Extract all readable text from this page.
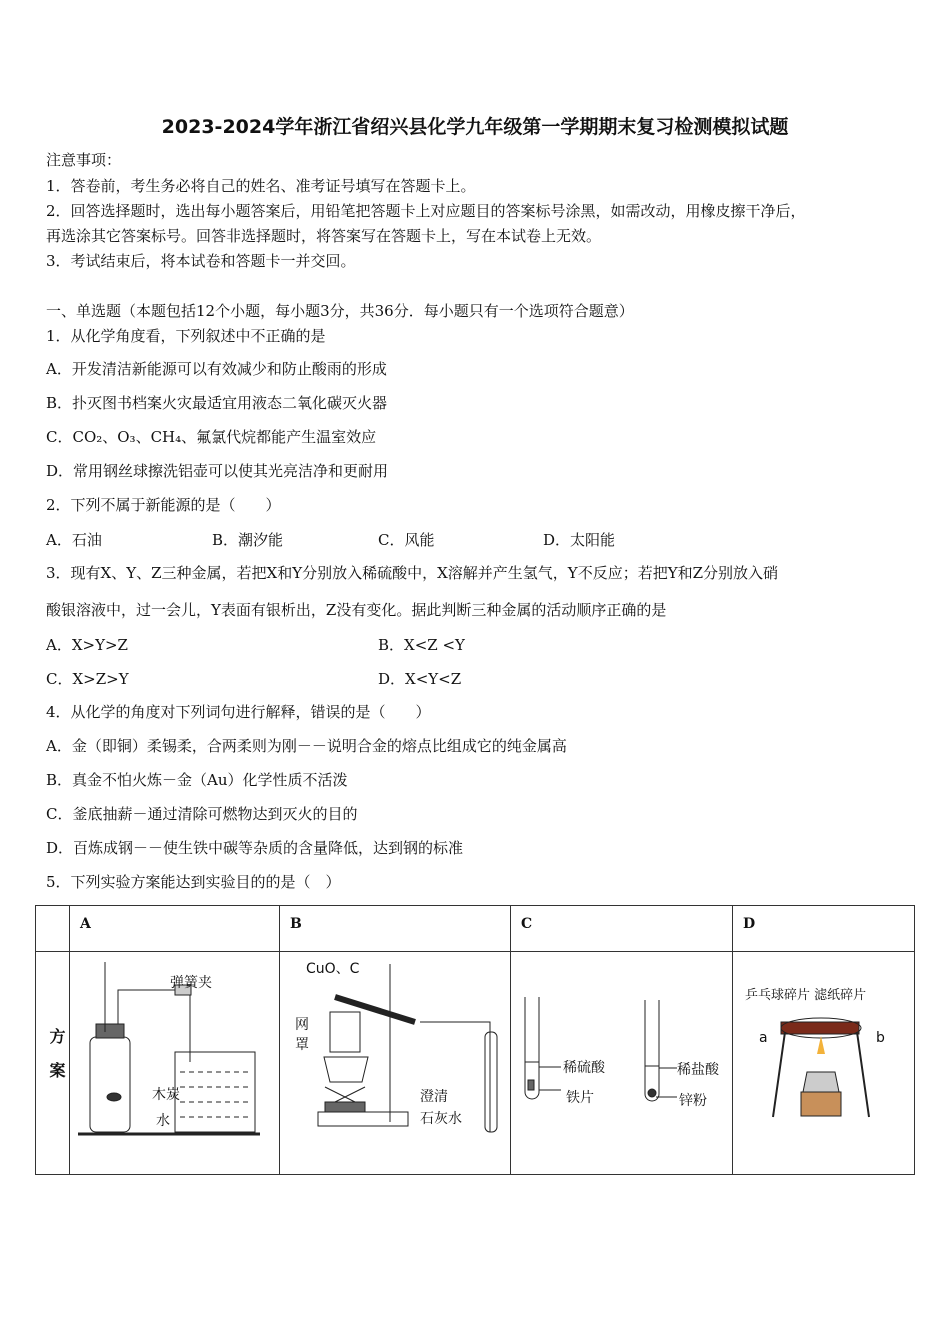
2023-2024学年浙江省绍兴县化学九年级第一学期期末复习检测模拟试题
注意事项：
1．答卷前，考生务必将自己的姓名、准考证号填写在答题卡上。
2．回答选择题时，选出每小题答案后，用铅笔把答题卡上对应题目的答案标号涂黑，如需改动，用橡皮擦干净后，
再选涂其它答案标号。回答非选择题时，将答案写在答题卡上，写在本试卷上无效。
3．考试结束后，将本试卷和答题卡一并交回。
一、单选题（本题包括12个小题，每小题3分，共36分．每小题只有一个选项符合题意）
1．从化学角度看，下列叙述中不正确的是
A．开发清洁新能源可以有效减少和防止酸雨的形成
B．扑灭图书档案火灾最适宜用液态二氧化碳灭火器
C．CO₂、O₃、CH₄、氟氯代烷都能产生温室效应
D．常用钢丝球擦洗铝壶可以使其光亮洁净和更耐用
2．下列不属于新能源的是（　　）
A．石油	B．潮汐能	C．风能	D．太阳能
3．现有X、Y、Z三种金属，若把X和Y分别放入稀硫酸中，X溶解并产生氢气，Y不反应；若把Y和Z分别放入硝
酸银溶液中，过一会儿，Y表面有银析出，Z没有变化。据此判断三种金属的活动顺序正确的是
A．X>Y>Z	B．X<Z <Y
C．X>Z>Y	D．X<Y<Z
4．从化学的角度对下列词句进行解释，错误的是（　　）
A．金（即铜）柔锡柔，合两柔则为刚－－说明合金的熔点比组成它的纯金属高
B．真金不怕火炼－金（Au）化学性质不活泼
C．釜底抽薪－通过清除可燃物达到灭火的目的
D．百炼成钢－－使生铁中碳等杂质的含量降低，达到钢的标准
5．下列实验方案能达到实验目的的是（　）
	A	B	C	D

方案	弹簧夹
木炭
水	CuO、C
网
罩
澄清
石灰水	稀硫酸
铁片
稀盐酸
锌粉	乒乓球碎片 滤纸碎片
a b
